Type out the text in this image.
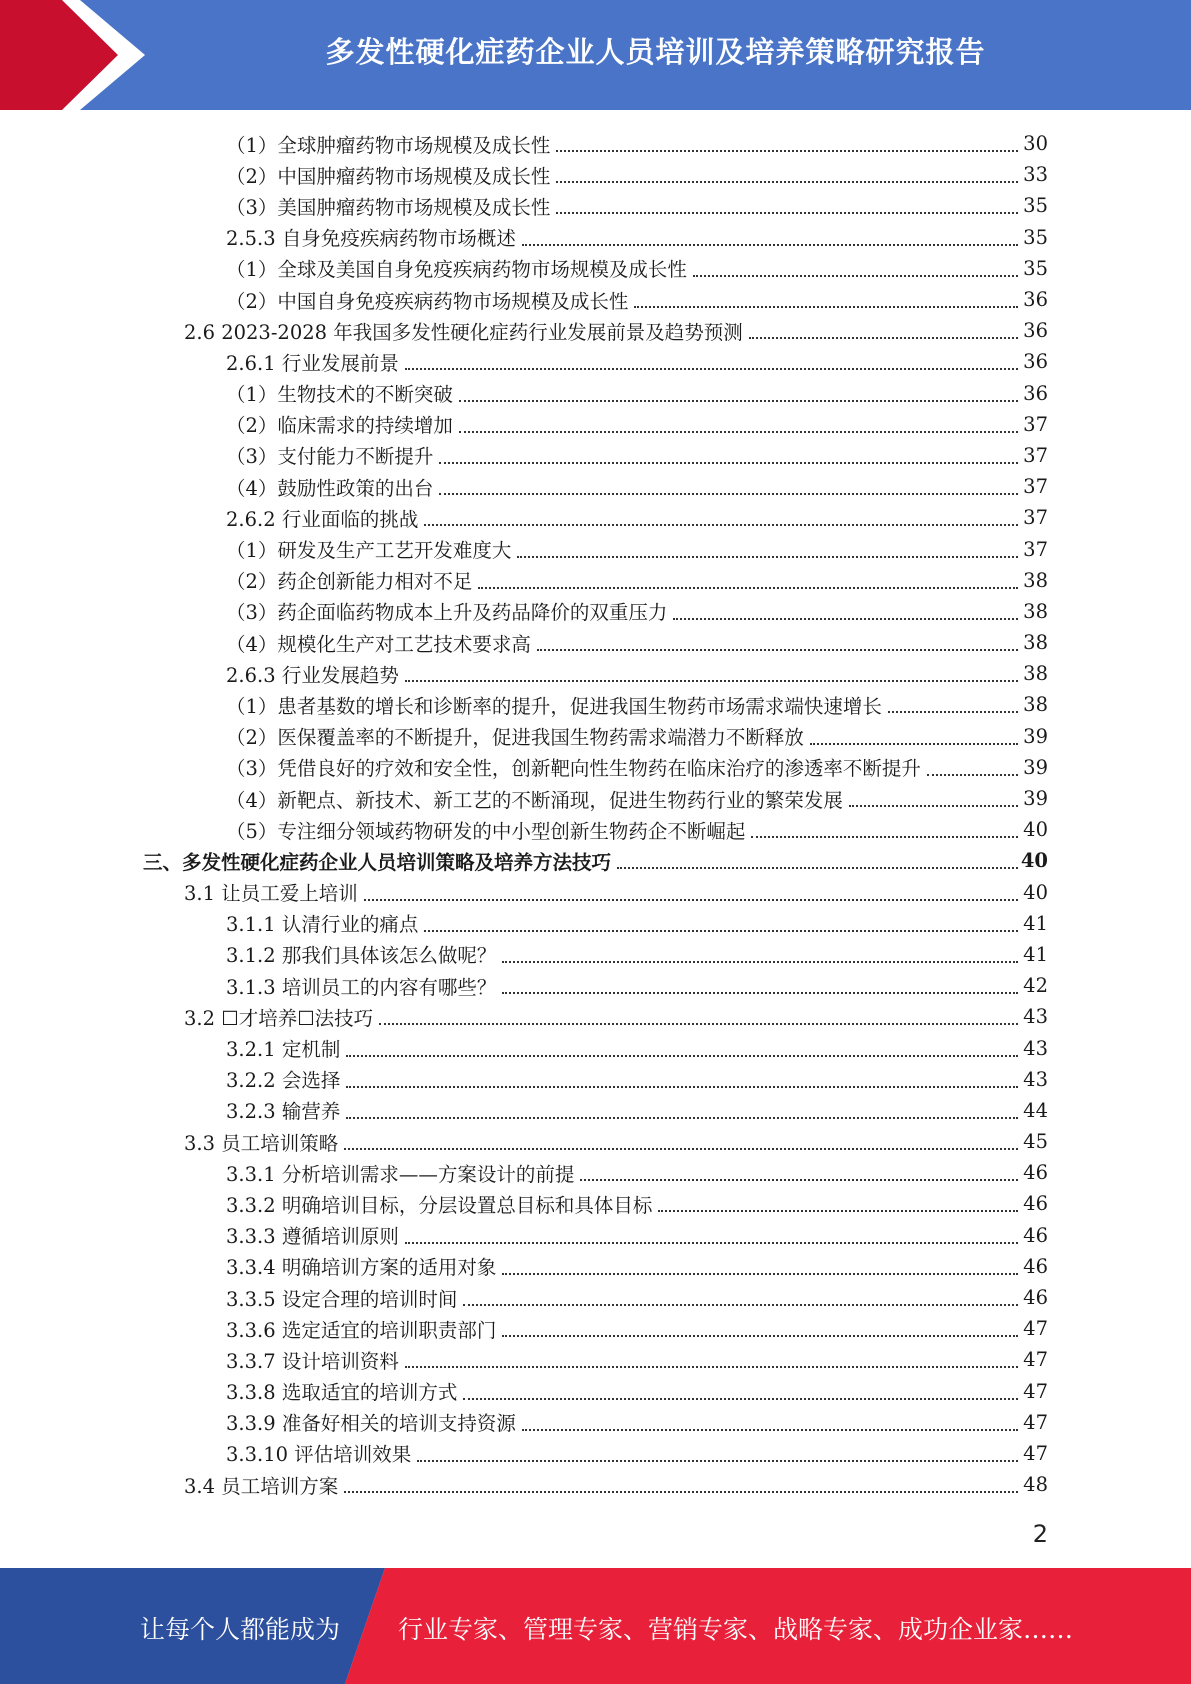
多发性硬化症药企业人员培训及培养策略研究报告
（1）全球肿瘤药物市场规模及成长性	30
（2）中国肿瘤药物市场规模及成长性	33
（3）美国肿瘤药物市场规模及成长性	35
2.5.3 自身免疫疾病药物市场概述	35
（1）全球及美国自身免疫疾病药物市场规模及成长性	35
（2）中国自身免疫疾病药物市场规模及成长性	36
2.6 2023-2028 年我国多发性硬化症药行业发展前景及趋势预测	36
2.6.1 行业发展前景	36
（1）生物技术的不断突破	36
（2）临床需求的持续增加	37
（3）支付能力不断提升	37
（4）鼓励性政策的出台	37
2.6.2 行业面临的挑战	37
（1）研发及生产工艺开发难度大	37
（2）药企创新能力相对不足	38
（3）药企面临药物成本上升及药品降价的双重压力	38
（4）规模化生产对工艺技术要求高	38
2.6.3 行业发展趋势	38
（1）患者基数的增长和诊断率的提升，促进我国生物药市场需求端快速增长	38
（2）医保覆盖率的不断提升，促进我国生物药需求端潜力不断释放	39
（3）凭借良好的疗效和安全性，创新靶向性生物药在临床治疗的渗透率不断提升	39
（4）新靶点、新技术、新工艺的不断涌现，促进生物药行业的繁荣发展	39
（5）专注细分领域药物研发的中小型创新生物药企不断崛起	40
三、多发性硬化症药企业人员培训策略及培养方法技巧	40
3.1 让员工爱上培训	40
3.1.1 认清行业的痛点	41
3.1.2 那我们具体该怎么做呢？	41
3.1.3 培训员工的内容有哪些？	42
3.2 ☐才培养☐法技巧	43
3.2.1 定机制	43
3.2.2 会选择	43
3.2.3 输营养	44
3.3 员工培训策略	45
3.3.1 分析培训需求——方案设计的前提	46
3.3.2 明确培训目标，分层设置总目标和具体目标	46
3.3.3 遵循培训原则	46
3.3.4 明确培训方案的适用对象	46
3.3.5 设定合理的培训时间	46
3.3.6 选定适宜的培训职责部门	47
3.3.7 设计培训资料	47
3.3.8 选取适宜的培训方式	47
3.3.9 准备好相关的培训支持资源	47
3.3.10 评估培训效果	47
3.4 员工培训方案	48
2
让每个人都能成为 行业专家、管理专家、营销专家、战略专家、成功企业家……
